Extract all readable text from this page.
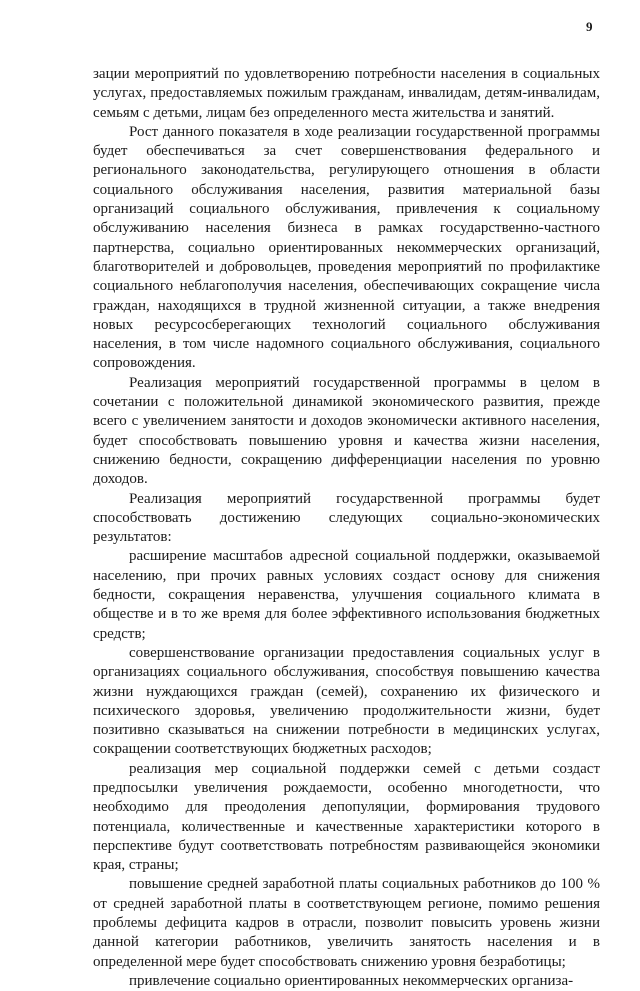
9

зации мероприятий по удовлетворению потребности населения в социальных услугах, предоставляемых пожилым гражданам, инвалидам, детям-инвалидам, семьям с детьми, лицам без определенного места жительства и занятий.

Рост данного показателя в ходе реализации государственной программы будет обеспечиваться за счет совершенствования федерального и регионального законодательства, регулирующего отношения в области социального обслуживания населения, развития материальной базы организаций социального обслуживания, привлечения к социальному обслуживанию населения бизнеса в рамках государственно-частного партнерства, социально ориентированных некоммерческих организаций, благотворителей и добровольцев, проведения мероприятий по профилактике социального неблагополучия населения, обеспечивающих сокращение числа граждан, находящихся в трудной жизненной ситуации, а также внедрения новых ресурсосберегающих технологий социального обслуживания населения, в том числе надомного социального обслуживания, социального сопровождения.

Реализация мероприятий государственной программы в целом в сочетании с положительной динамикой экономического развития, прежде всего с увеличением занятости и доходов экономически активного населения, будет способствовать повышению уровня и качества жизни населения, снижению бедности, сокращению дифференциации населения по уровню доходов.

Реализация мероприятий государственной программы будет способствовать достижению следующих социально-экономических результатов:

расширение масштабов адресной социальной поддержки, оказываемой населению, при прочих равных условиях создаст основу для снижения бедности, сокращения неравенства, улучшения социального климата в обществе и в то же время для более эффективного использования бюджетных средств;

совершенствование организации предоставления социальных услуг в организациях социального обслуживания, способствуя повышению качества жизни нуждающихся граждан (семей), сохранению их физического и психического здоровья, увеличению продолжительности жизни, будет позитивно сказываться на снижении потребности в медицинских услугах, сокращении соответствующих бюджетных расходов;

реализация мер социальной поддержки семей с детьми создаст предпосылки увеличения рождаемости, особенно многодетности, что необходимо для преодоления депопуляции, формирования трудового потенциала, количественные и качественные характеристики которого в перспективе будут соответствовать потребностям развивающейся экономики края, страны;

повышение средней заработной платы социальных работников до 100 % от средней заработной платы в соответствующем регионе, помимо решения проблемы дефицита кадров в отрасли, позволит повысить уровень жизни данной категории работников, увеличить занятость населения и в определенной мере будет способствовать снижению уровня безработицы;

привлечение социально ориентированных некоммерческих организа-
